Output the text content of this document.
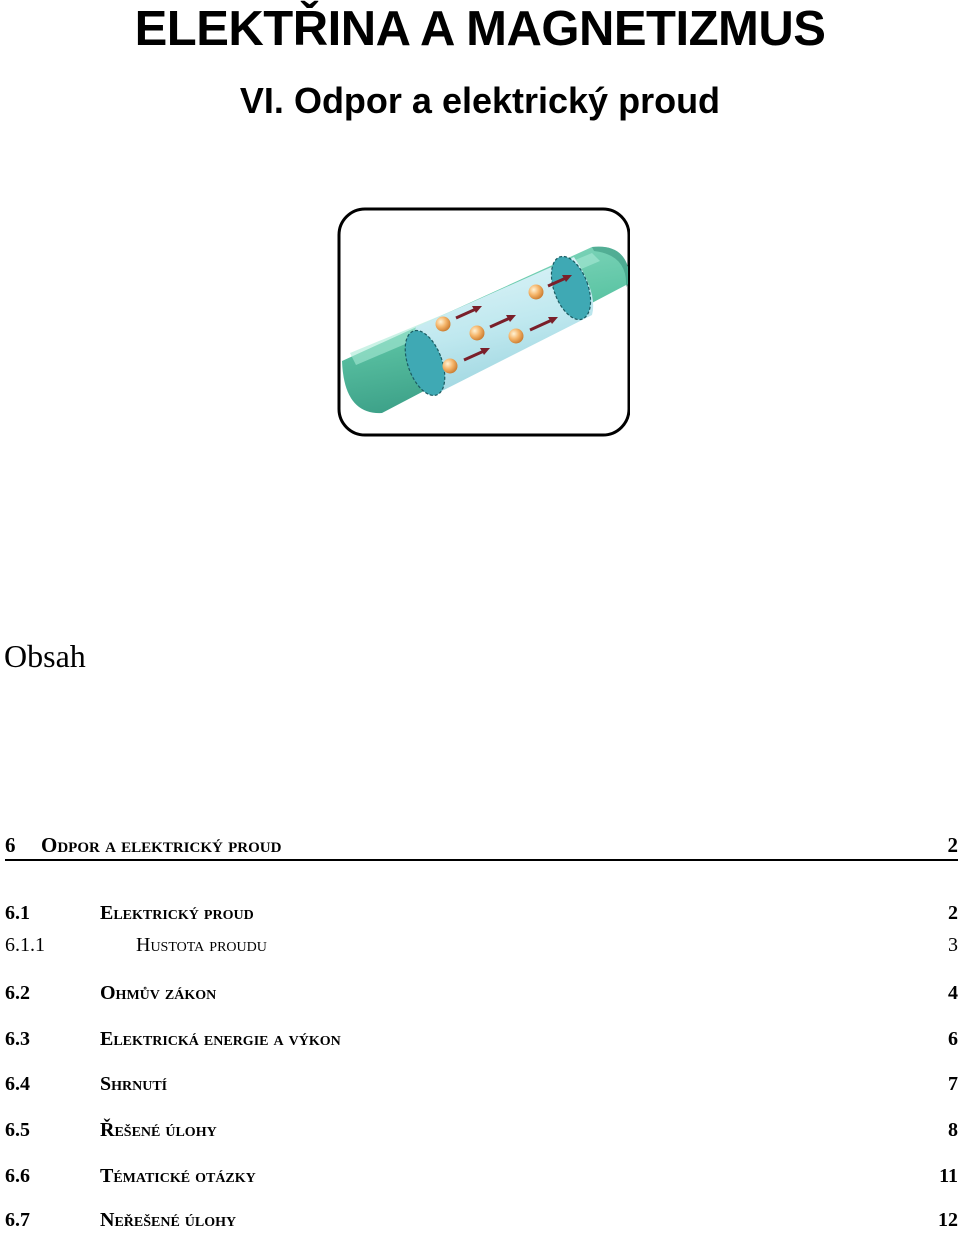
ELEKTŘINA A MAGNETIZMUS
VI. Odpor a elektrický proud
Obsah
6 Odpor a elektrický proud	2
6.1	Elektrický proud	2
6.1.1	Hustota proudu	3
6.2	Ohmův zákon	4
6.3	Elektrická energie a výkon	6
6.4	Shrnutí	7
6.5	Řešené úlohy	8
6.6	Tématické otázky	11
6.7	Neřešené úlohy	12
